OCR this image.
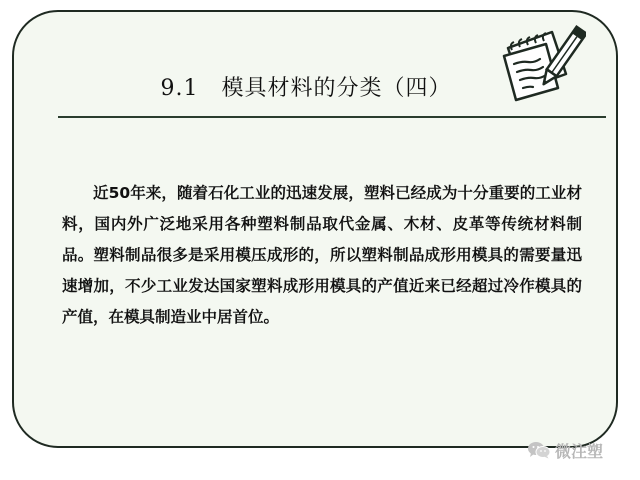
9.1　模具材料的分类（四）

近50年来，随着石化工业的迅速发展，塑料已经成为十分重要的工业材料，国内外广泛地采用各种塑料制品取代金属、木材、皮革等传统材料制品。塑料制品很多是采用模压成形的，所以塑料制品成形用模具的需要量迅速增加，不少工业发达国家塑料成形用模具的产值近来已经超过冷作模具的产值，在模具制造业中居首位。

微注塑
